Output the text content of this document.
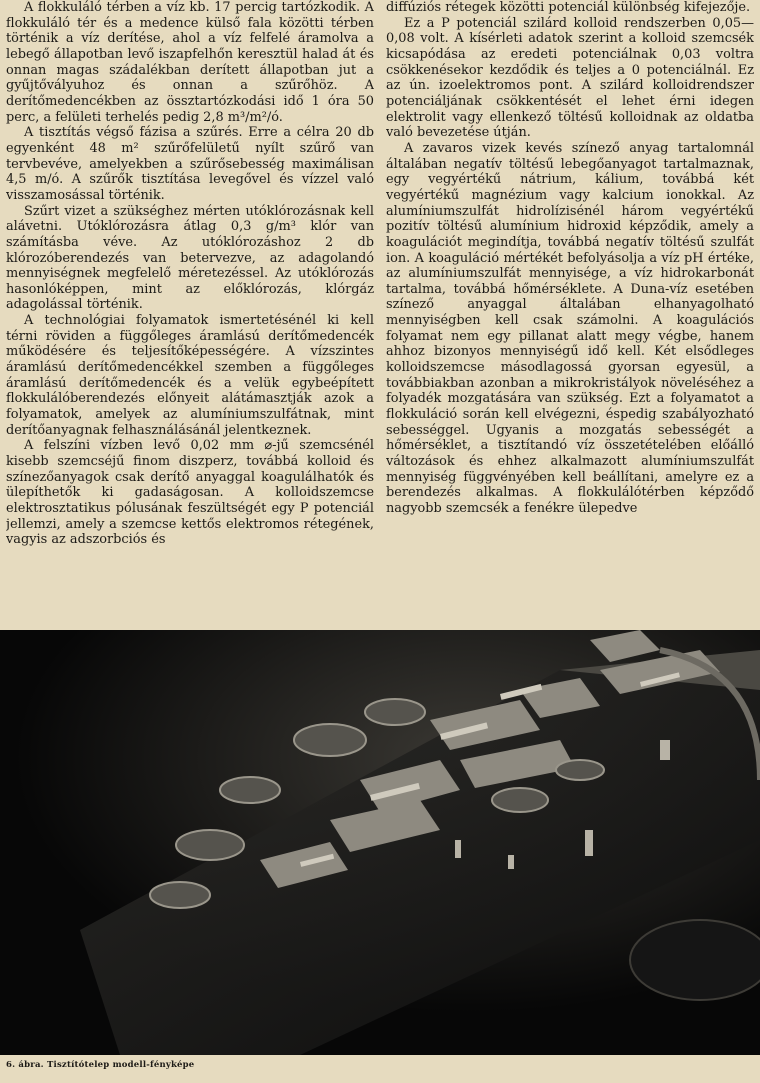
A flokkuláló térben a víz kb. 17 percig tartózkodik. A flokkuláló tér és a medence külső fala közötti térben történik a víz derítése, ahol a víz felfelé áramolva a lebegő állapotban levő iszapfelhőn keresztül halad át és onnan magas szádalékban derített állapotban jut a gyűjtővályuhoz és onnan a szűrőhöz. A derítőmedencékben az össztartózkodási idő 1 óra 50 perc, a felületi terhelés pedig 2,8 m³/m²/ó.

A tisztítás végső fázisa a szűrés. Erre a célra 20 db egyenként 48 m² szűrőfelületű nyílt szűrő van tervbevéve, amelyekben a szűrősebesség maximálisan 4,5 m/ó. A szűrők tisztítása levegővel és vízzel való visszamosással történik.

Szűrt vizet a szükséghez mérten utóklórozásnak kell alávetni. Utóklórozásra átlag 0,3 g/m³ klór van számításba véve. Az utóklórozáshoz 2 db klórozóberendezés van betervezve, az adagolandó mennyiségnek megfelelő méretezéssel. Az utóklórozás hasonlóképpen, mint az előklórozás, klórgáz adagolással történik.

A technológiai folyamatok ismertetésénél ki kell térni röviden a függőleges áramlású derítőmedencék működésére és teljesítőképességére. A vízszintes áramlású derítőmedencékkel szemben a függőleges áramlású derítőmedencék és a velük egybeépített flokkulálóberendezés előnyeit alátámasztják azok a folyamatok, amelyek az alumíniumszulfátnak, mint derítőanyagnak felhasználásánál jelentkeznek.

A felszíni vízben levő 0,02 mm ⌀-jű szemcsénél kisebb szemcséjű finom diszperz, továbbá kolloid és színezőanyagok csak derítő anyaggal koagulálhatók és ülepíthetők ki gadaságosan. A kolloidszemcse elektrosztatikus pólusának feszültségét egy P potenciál jellemzi, amely a szemcse kettős elektromos rétegének, vagyis az adszorbciós és

diffúziós rétegek közötti potenciál különbség kifejezője.

Ez a P potenciál szilárd kolloid rendszerben 0,05—0,08 volt. A kísérleti adatok szerint a kolloid szemcsék kicsapódása az eredeti potenciálnak 0,03 voltra csökkenésekor kezdődik és teljes a 0 potenciálnál. Ez az ún. izoelektromos pont. A szilárd kolloidrendszer potenciáljának csökkentését el lehet érni idegen elektrolit vagy ellenkező töltésű kolloidnak az oldatba való bevezetése útján.

A zavaros vizek kevés színező anyag tartalomnál általában negatív töltésű lebegőanyagot tartalmaznak, egy vegyértékű nátrium, kálium, továbbá két vegyértékű magnézium vagy kalcium ionokkal. Az alumíniumszulfát hidrolízisénél három vegyértékű pozitív töltésű alumínium hidroxid képződik, amely a koagulációt megindítja, továbbá negatív töltésű szulfát ion. A koaguláció mértékét befolyásolja a víz pH értéke, az alumíniumszulfát mennyisége, a víz hidrokarbonát tartalma, továbbá hőmérséklete. A Duna-víz esetében színező anyaggal általában elhanyagolható mennyiségben kell csak számolni. A koagulációs folyamat nem egy pillanat alatt megy végbe, hanem ahhoz bizonyos mennyiségű idő kell. Két elsődleges kolloidszemcse másodlagossá gyorsan egyesül, a továbbiakban azonban a mikrokristályok növeléséhez a folyadék mozgatására van szükség. Ezt a folyamatot a flokkuláció során kell elvégezni, éspedig szabályozható sebességgel. Ugyanis a mozgatás sebességét a hőmérséklet, a tisztítandó víz összetételében előálló változások és ehhez alkalmazott alumíniumszulfát mennyiség függvényében kell beállítani, amelyre ez a berendezés alkalmas. A flokkulálótérben képződő nagyobb szemcsék a fenékre ülepedve

6. ábra. Tisztítótelep modell-fényképe
